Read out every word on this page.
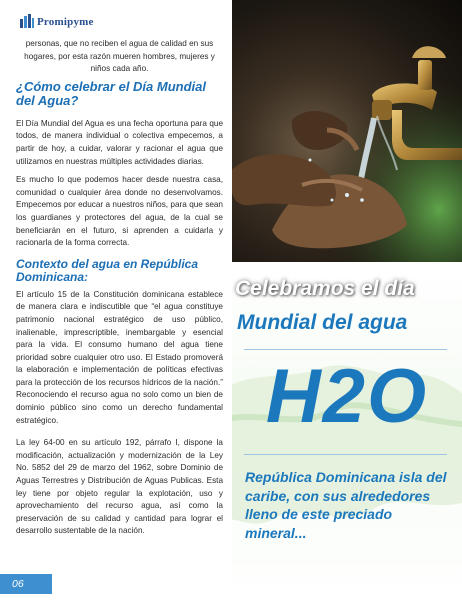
Promipyme

personas, que no reciben el agua de calidad en sus hogares, por esta razón mueren hombres, mujeres y niños cada año.

¿Cómo celebrar el Día Mundial del Agua?

El Día Mundial del Agua es una fecha oportuna para que todos, de manera individual o colectiva empecemos, a partir de hoy, a cuidar, valorar y racionar el agua que utilizamos en nuestras múltiples actividades diarias.

Es mucho lo que podemos hacer desde nuestra casa, comunidad o cualquier área donde no desenvolvamos. Empecemos por educar a nuestros niños, para que sean los guardianes y protectores del agua, de la cual se beneficiarán en el futuro, si aprenden a cuidarla y racionarla de la forma correcta.

Contexto del agua en República Dominicana:

El artículo 15 de la Constitución dominicana establece de manera clara e indiscutible que “el agua constituye patrimonio nacional estratégico de uso público, inalienable, imprescriptible, inembargable y esencial para la vida. El consumo humano del agua tiene prioridad sobre cualquier otro uso. El Estado promoverá la elaboración e implementación de políticas efectivas para la protección de los recursos hídricos de la nación.” Reconociendo el recurso agua no solo como un bien de dominio público sino como un derecho fundamental estratégico.

La ley 64-00 en su artículo 192, párrafo I, dispone la modificación, actualización y modernización de la Ley No. 5852 del 29 de marzo del 1962, sobre Dominio de Aguas Terrestres y Distribución de Aguas Publicas. Esta ley tiene por objeto regular la explotación, uso y aprovechamiento del recurso agua, así como la preservación de su calidad y cantidad para lograr el desarrollo sustentable de la nación.

06
Celebramos el día
Mundial del agua
H2O
República Dominicana isla del caribe, con sus alrededores lleno de este preciado mineral...
